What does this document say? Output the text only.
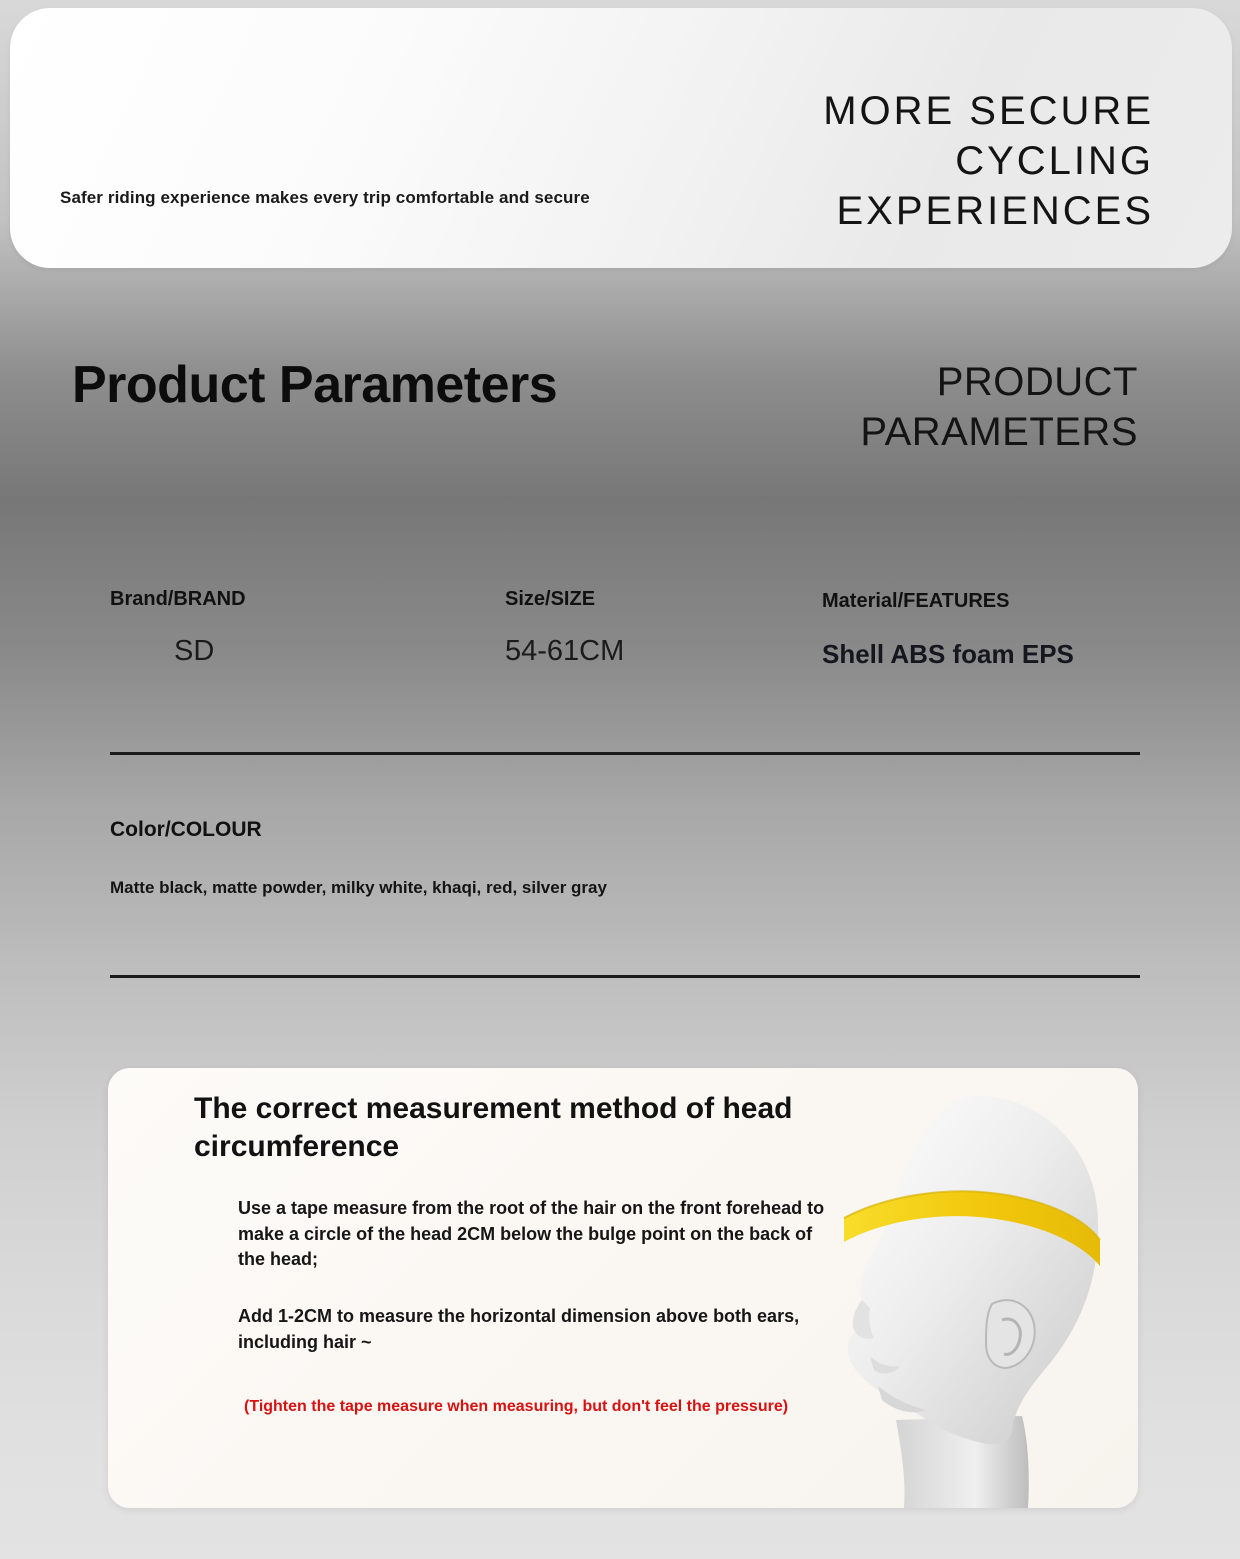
Safer riding experience makes every trip comfortable and secure
MORE SECURE
CYCLING
EXPERIENCES
Product Parameters	PRODUCT
PARAMETERS
Brand/BRAND
SD
Size/SIZE
54-61CM
Material/FEATURES
Shell ABS foam EPS
Color/COLOUR
Matte black, matte powder, milky white, khaqi, red, silver gray
The correct measurement method of head circumference
Use a tape measure from the root of the hair on the front forehead to make a circle of the head 2CM below the bulge point on the back of the head;
Add 1-2CM to measure the horizontal dimension above both ears, including hair ~
(Tighten the tape measure when measuring, but don't feel the pressure)
